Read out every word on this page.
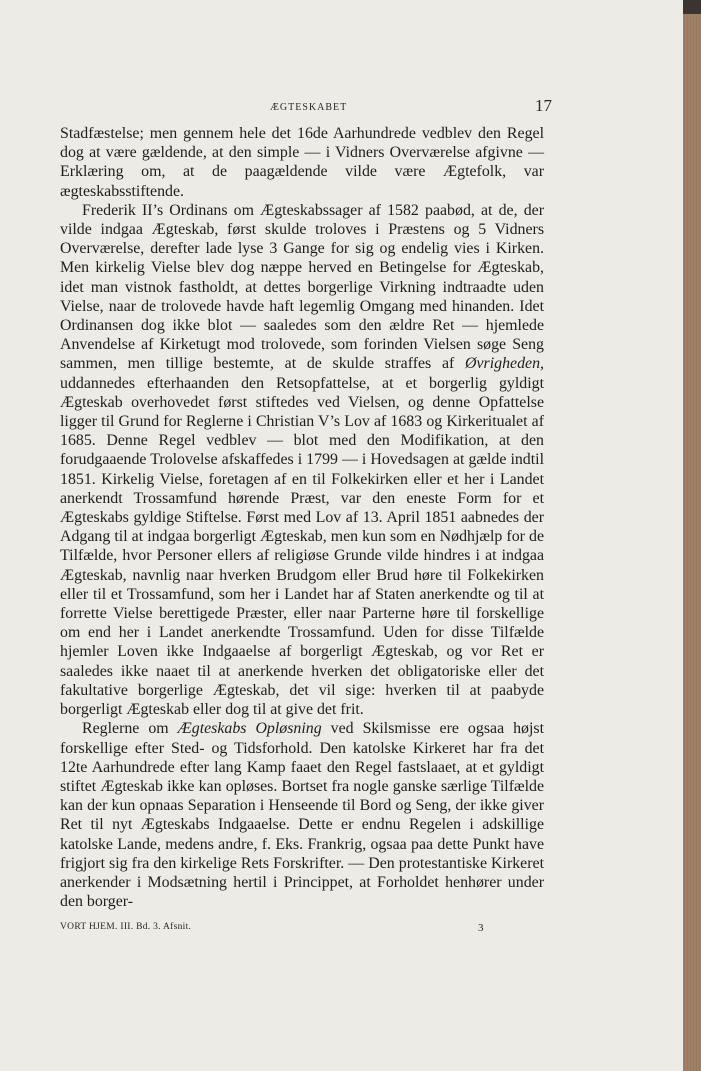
ÆGTESKABET	17

Stadfæstelse; men gennem hele det 16de Aarhundrede vedblev den Regel dog at være gældende, at den simple — i Vidners Overværelse afgivne — Erklæring om, at de paagældende vilde være Ægtefolk, var ægteskabsstiftende.

Frederik II’s Ordinans om Ægteskabssager af 1582 paabød, at de, der vilde indgaa Ægteskab, først skulde troloves i Præstens og 5 Vidners Overværelse, derefter lade lyse 3 Gange for sig og endelig vies i Kirken. Men kirkelig Vielse blev dog næppe herved en Betingelse for Ægteskab, idet man vistnok fastholdt, at dettes borgerlige Virkning indtraadte uden Vielse, naar de trolovede havde haft legemlig Omgang med hinanden. Idet Ordinansen dog ikke blot — saaledes som den ældre Ret — hjemlede Anvendelse af Kirketugt mod trolovede, som forinden Vielsen søge Seng sammen, men tillige bestemte, at de skulde straffes af Øvrigheden, uddannedes efterhaanden den Retsopfattelse, at et borgerlig gyldigt Ægteskab overhovedet først stiftedes ved Vielsen, og denne Opfattelse ligger til Grund for Reglerne i Christian V’s Lov af 1683 og Kirkeritualet af 1685. Denne Regel vedblev — blot med den Modifikation, at den forudgaaende Trolovelse afskaffedes i 1799 — i Hovedsagen at gælde indtil 1851. Kirkelig Vielse, foretagen af en til Folkekirken eller et her i Landet anerkendt Trossamfund hørende Præst, var den eneste Form for et Ægteskabs gyldige Stiftelse. Først med Lov af 13. April 1851 aabnedes der Adgang til at indgaa borgerligt Ægteskab, men kun som en Nødhjælp for de Tilfælde, hvor Personer ellers af religiøse Grunde vilde hindres i at indgaa Ægteskab, navnlig naar hverken Brudgom eller Brud høre til Folkekirken eller til et Trossamfund, som her i Landet har af Staten anerkendte og til at forrette Vielse berettigede Præster, eller naar Parterne høre til forskellige om end her i Landet anerkendte Trossamfund. Uden for disse Tilfælde hjemler Loven ikke Indgaaelse af borgerligt Ægteskab, og vor Ret er saaledes ikke naaet til at anerkende hverken det obligatoriske eller det fakultative borgerlige Ægteskab, det vil sige: hverken til at paabyde borgerligt Ægteskab eller dog til at give det frit.

Reglerne om Ægteskabs Opløsning ved Skilsmisse ere ogsaa højst forskellige efter Sted- og Tidsforhold. Den katolske Kirkeret har fra det 12te Aarhundrede efter lang Kamp faaet den Regel fastslaaet, at et gyldigt stiftet Ægteskab ikke kan opløses. Bortset fra nogle ganske særlige Tilfælde kan der kun opnaas Separation i Henseende til Bord og Seng, der ikke giver Ret til nyt Ægteskabs Indgaaelse. Dette er endnu Regelen i adskillige katolske Lande, medens andre, f. Eks. Frankrig, ogsaa paa dette Punkt have frigjort sig fra den kirkelige Rets Forskrifter. — Den protestantiske Kirkeret anerkender i Modsætning hertil i Princippet, at Forholdet henhører under den borger-

VORT HJEM. III. Bd. 3. Afsnit.	3
